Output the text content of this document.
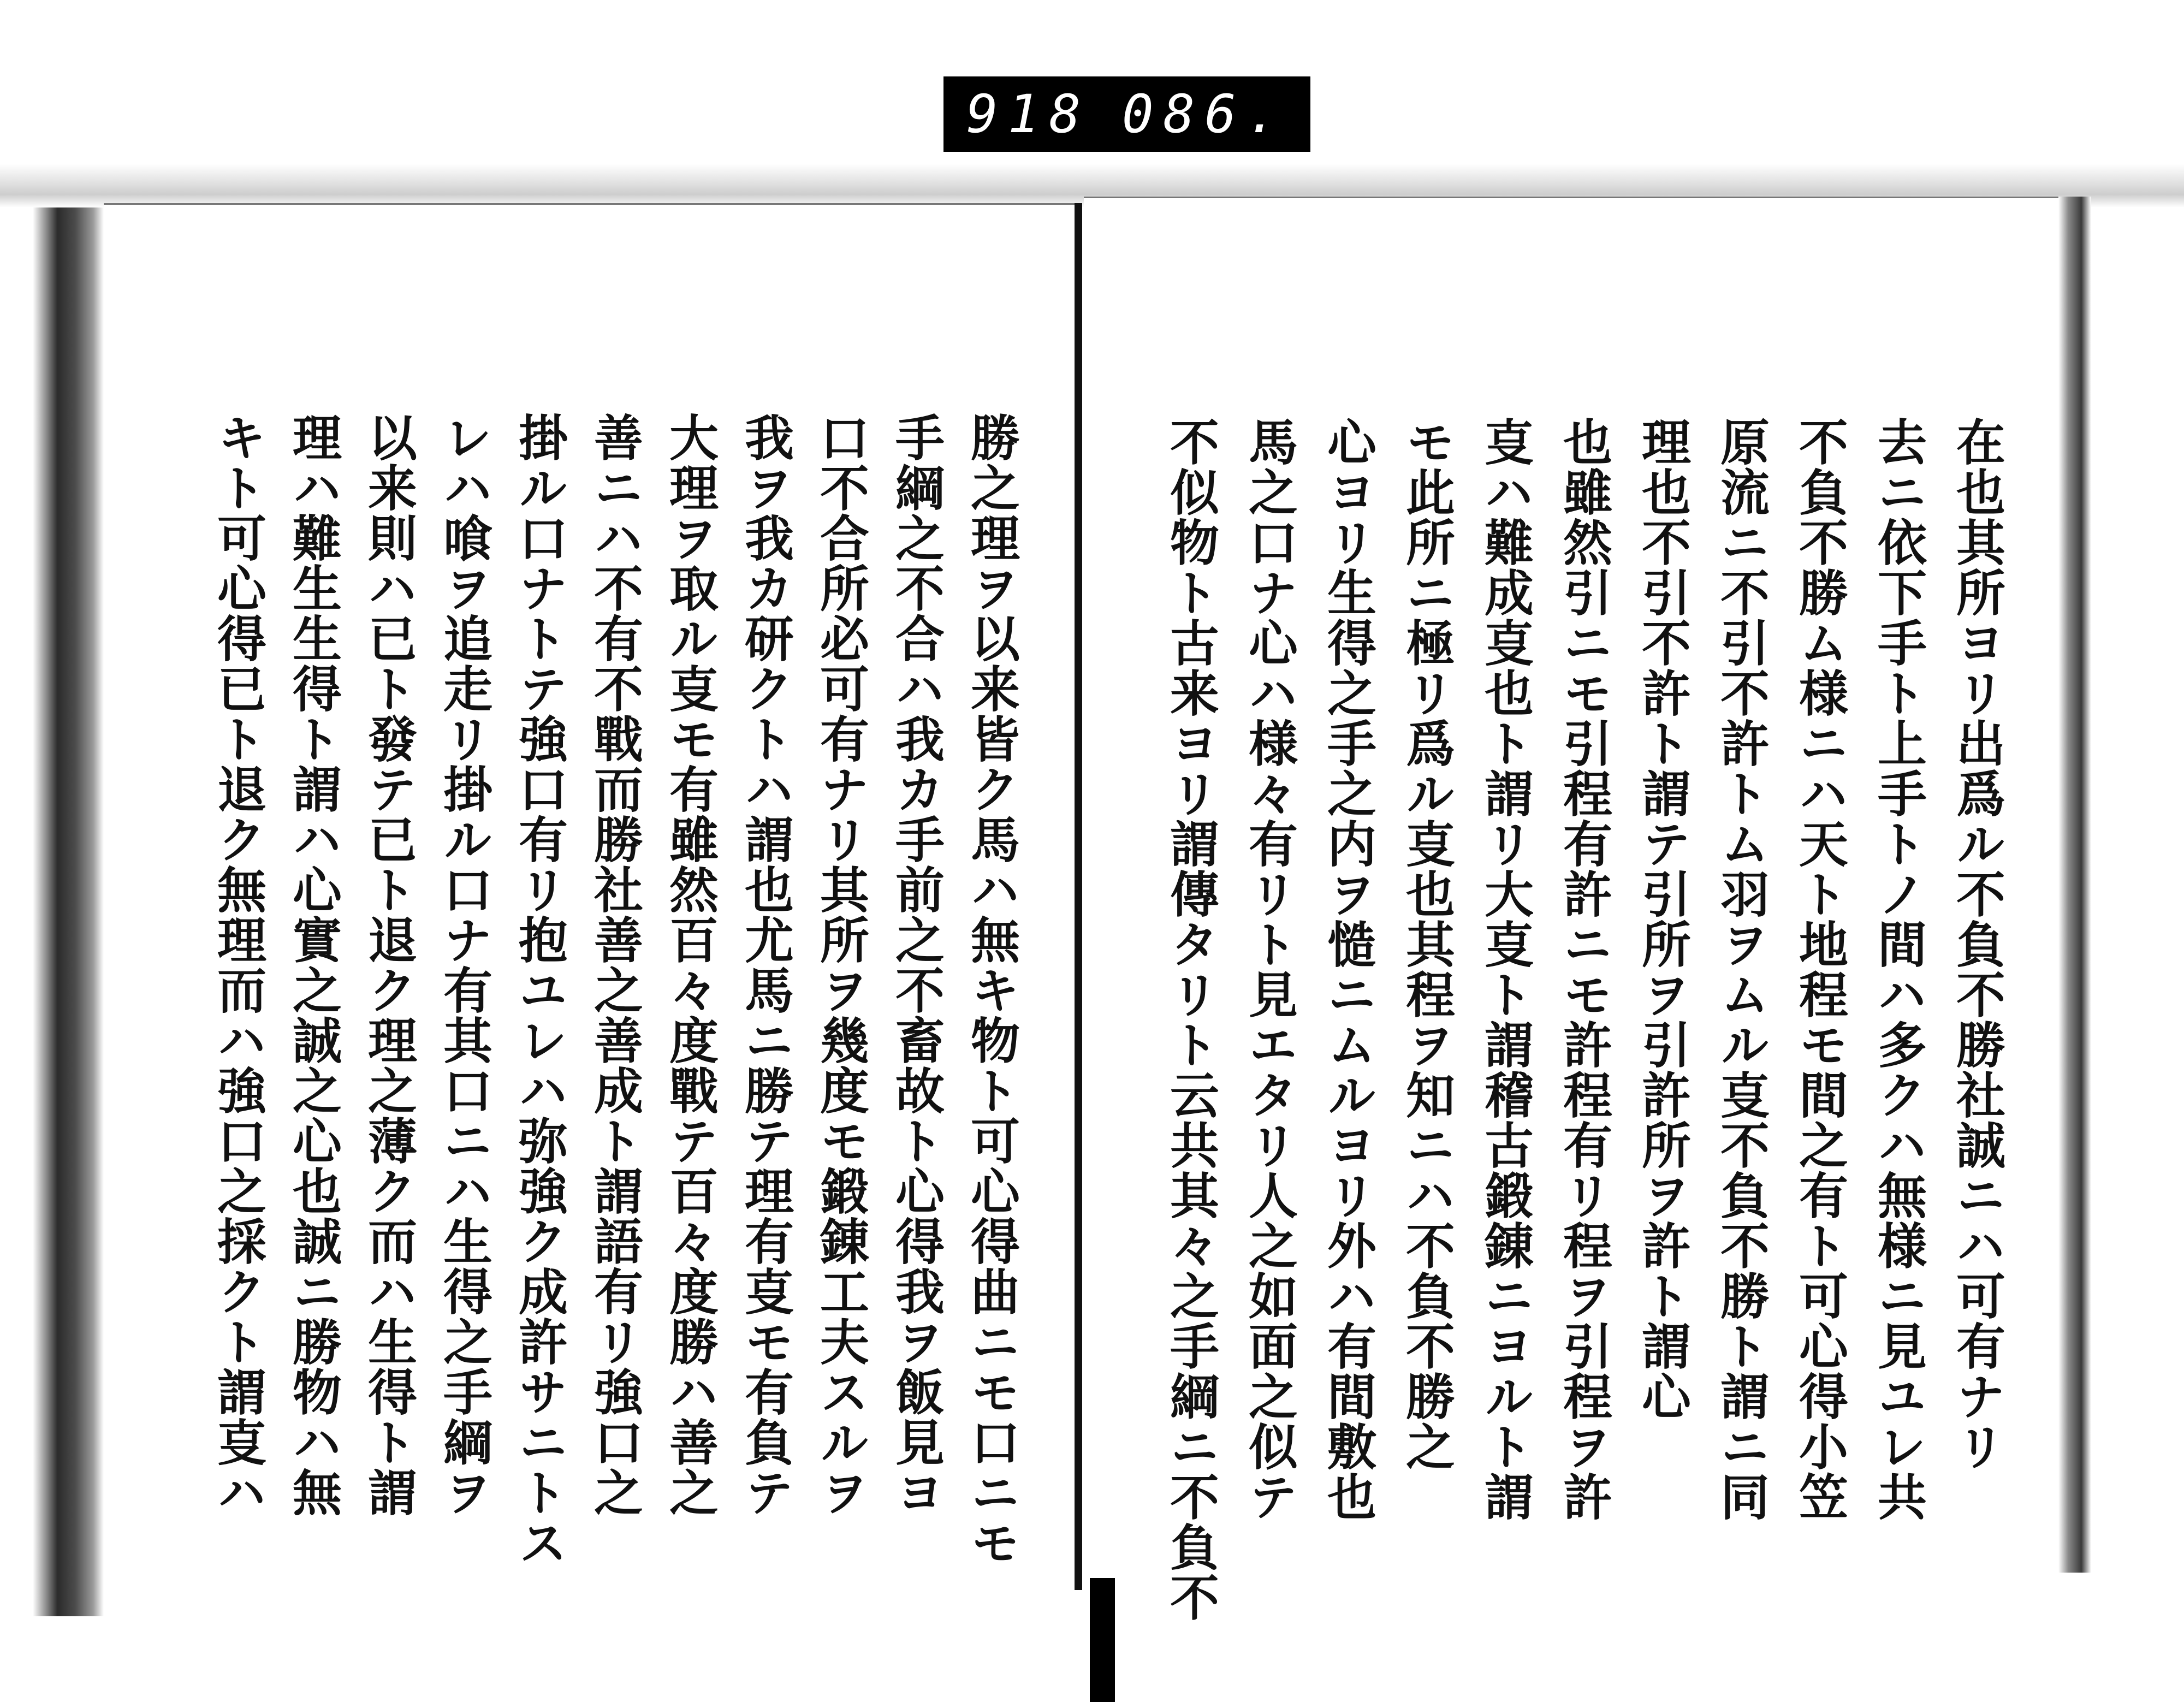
918 086.
勝之理ヲ以来皆ク馬ハ無キ物ト可心得曲ニモ口ニモ
手綱之不合ハ我カ手前之不畜故ト心得我ヲ飯見ヨ
口不合所必可有ナリ其所ヲ幾度モ鍛錬工夫スルヲ
我ヲ我カ研クトハ謂也尤馬ニ勝テ理有㕝モ有負テ
大理ヲ取ル㕝モ有雖然百々度戰テ百々度勝ハ善之
善ニハ不有不戰而勝社善之善成ト謂語有リ強口之
掛ル口ナトテ強口有リ抱ユレハ弥強ク成許サニトス
レハ喰ヲ追走リ掛ル口ナ有其口ニハ生得之手綱ヲ
以来則ハ已ト發テ已ト退ク理之薄ク而ハ生得ト謂
理ハ難生生得ト謂ハ心實之誠之心也誠ニ勝物ハ無
キト可心得已ト退ク無理而ハ強口之採クト謂㕝ハ	在也其所ヨリ出爲ル不負不勝社誠ニハ可有ナリ
去ニ依下手ト上手トノ間ハ多クハ無様ニ見ユレ共
不負不勝ム様ニハ天ト地程モ間之有ト可心得小笠
原流ニ不引不許トム羽ヲムル㕝不負不勝ト謂ニ同
理也不引不許ト謂テ引所ヲ引許所ヲ許ト謂心
也雖然引ニモ引程有許ニモ許程有リ程ヲ引程ヲ許
㕝ハ難成㕝也ト謂リ大㕝ト謂稽古鍛錬ニヨルト謂
モ此所ニ極リ爲ル㕝也其程ヲ知ニハ不負不勝之
心ヨリ生得之手之内ヲ慥ニムルヨリ外ハ有間敷也
馬之口ナ心ハ様々有リト見エタリ人之如面之似テ
不似物ト古来ヨリ謂傳タリト云共其々之手綱ニ不負不
